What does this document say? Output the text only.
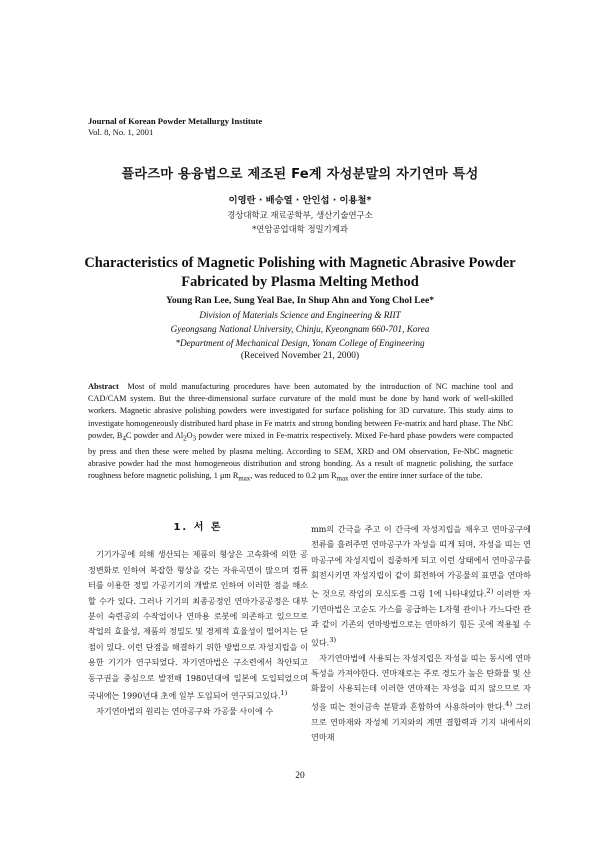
Journal of Korean Powder Metallurgy Institute
Vol. 8, No. 1, 2001
플라즈마 용융법으로 제조된 Fe계 자성분말의 자기연마 특성
이영란 · 배승열 · 안인섭 · 이용철*
경상대학교 재료공학부, 생산기술연구소
*연암공업대학 정밀기계과
Characteristics of Magnetic Polishing with Magnetic Abrasive Powder
Fabricated by Plasma Melting Method
Young Ran Lee, Sung Yeal Bae, In Shup Ahn and Yong Chol Lee*
Division of Materials Science and Engineering & RIIT
Gyeongsang National University, Chinju, Kyeongnam 660-701, Korea
*Department of Mechanical Design, Yonam College of Engineering
(Received November 21, 2000)
Abstract Most of mold manufacturing procedures have been automated by the introduction of NC machine tool and CAD/CAM system. But the three-dimensional surface curvature of the mold must be done by hand work of well-skilled workers. Magnetic abrasive polishing powders were investigated for surface polishing for 3D curvature. This study aims to investigate homogeneously distributed hard phase in Fe matrix and strong bonding between Fe-matrix and hard phase. The NbC powder, $B_4C$ powder and $Al_2O_3$ powder were mixed in Fe-matrix respectively. Mixed Fe-hard phase powders were compacted by press and then these were melted by plasma melting. According to SEM, XRD and OM observation, Fe-NbC magnetic abrasive powder had the most homogeneous distribution and strong bonding. As a result of magnetic polishing, the surface roughness before magnetic polishing, 1 μm $R_{max}$, was reduced to 0.2 μm $R_{max}$ over the entire inner surface of the tube.
1. 서 론

기기가공에 의해 생산되는 제품의 형상은 고속화에 의한 공정변화로 인하여 복잡한 형상을 갖는 자유곡면이 많으며 컴퓨터를 이용한 정밀 가공기기의 개발로 인하여 이러한 점을 해소할 수가 있다. 그러나 기기의 최종공정인 연마가공공정은 대부분이 숙련공의 수작업이나 연마용 로봇에 의존하고 있으므로 작업의 효율성, 제품의 정밀도 및 경제적 효율성이 떨어지는 단점이 있다. 이런 단점을 해결하기 위한 방법으로 자성지립을 이용한 기기가 연구되었다. 자기연마법은 구소련에서 착안되고 동구권을 중심으로 발전해 1980년대에 일본에 도입되었으며 국내에는 1990년대 초에 일부 도입되어 연구되고있다.$^{1)}$

자기연마법의 원리는 연마공구와 가공물 사이에 수

mm의 간극을 주고 이 간극에 자성지립을 채우고 연마공구에 전류를 흘려주면 연마공구가 자성을 띠게 되며, 자성을 띠는 연마공구에 자성지립이 집중하게 되고 이런 상태에서 연마공구를 회전시키면 자성지립이 같이 회전하여 가공물의 표면을 연마하는 것으로 작업의 모식도를 그림 1에 나타내었다.$^{2)}$ 이러한 자기연마법은 고순도 가스를 공급하는 L자형 관이나 가느다란 관과 같이 기존의 연마방법으로는 연마하기 힘든 곳에 적용될 수 있다.$^{3)}$

자기연마법에 사용되는 자성지립은 자성을 띠는 동시에 연마특성을 가져야한다. 연마재로는 주로 경도가 높은 탄화물 및 산화물이 사용되는데 이러한 연마재는 자성을 띠지 않으므로 자성을 띠는 천이금속 분말과 혼합하여 사용하여야 한다.$^{4)}$ 그러므로 연마재와 자성체 기지와의 계면 결합력과 기지 내에서의 연마재

20
